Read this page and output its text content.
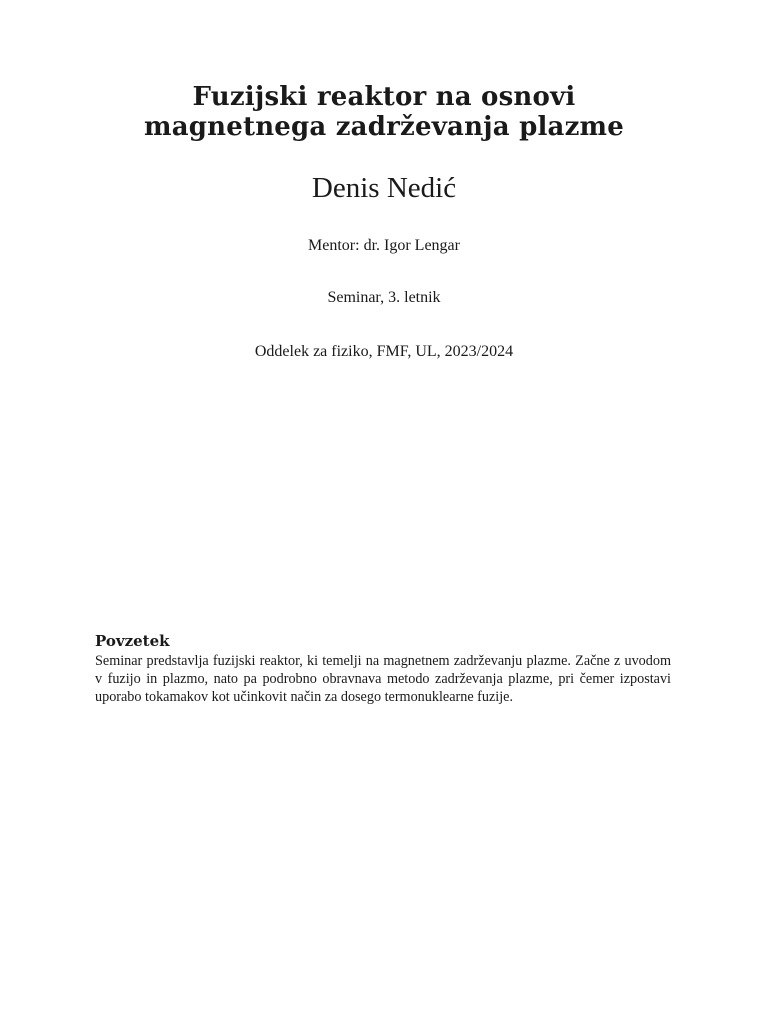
Fuzijski reaktor na osnovi
magnetnega zadrževanja plazme
Denis Nedić
Mentor: dr. Igor Lengar
Seminar, 3. letnik
Oddelek za fiziko, FMF, UL, 2023/2024
Povzetek

Seminar predstavlja fuzijski reaktor, ki temelji na magnetnem zadrževanju plazme. Začne z uvodom v fuzijo in plazmo, nato pa podrobno obravnava metodo zadrževanja plazme, pri čemer izpostavi uporabo tokamakov kot učinkovit način za dosego termonuklearne fuzije.
